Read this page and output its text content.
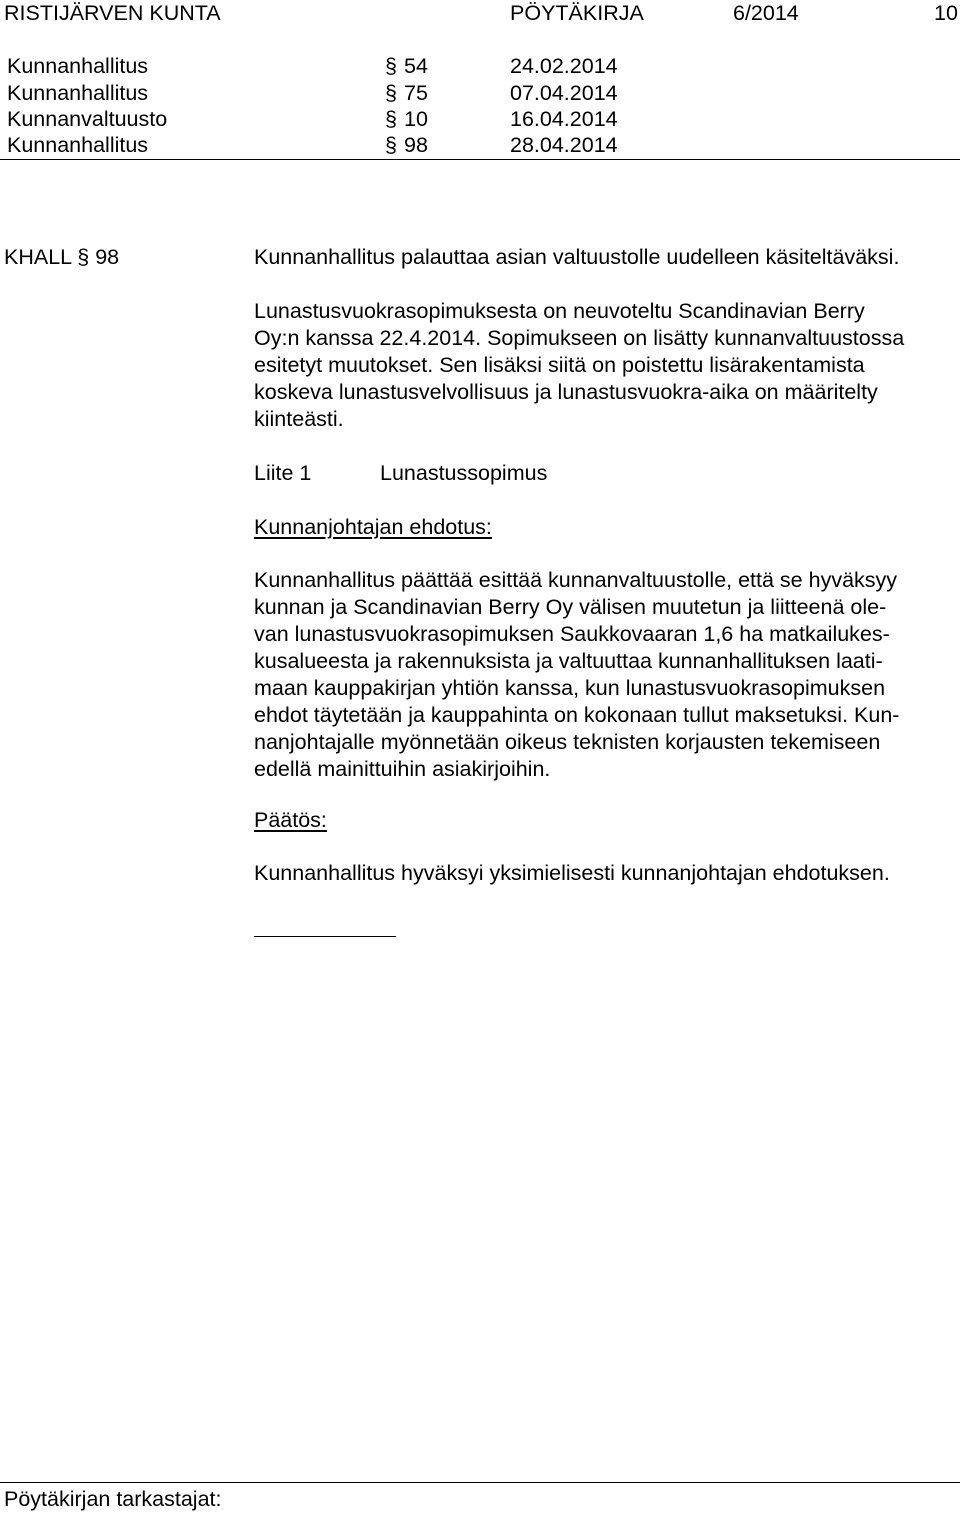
RISTIJÄRVEN KUNTA	PÖYTÄKIRJA	6/2014	10
Kunnanhallitus	§ 54	24.02.2014
Kunnanhallitus	§ 75	07.04.2014
Kunnanvaltuusto	§ 10	16.04.2014
Kunnanhallitus	§ 98	28.04.2014
KHALL § 98	Kunnanhallitus palauttaa asian valtuustolle uudelleen käsiteltäväksi.
Lunastusvuokrasopimuksesta on neuvoteltu Scandinavian Berry
Oy:n kanssa 22.4.2014. Sopimukseen on lisätty kunnanvaltuustossa
esitetyt muutokset. Sen lisäksi siitä on poistettu lisärakentamista
koskeva lunastusvelvollisuus ja lunastusvuokra-aika on määritelty
kiinteästi.
Liite 1	Lunastussopimus
Kunnanjohtajan ehdotus:
Kunnanhallitus päättää esittää kunnanvaltuustolle, että se hyväksyy
kunnan ja Scandinavian Berry Oy välisen muutetun ja liitteenä ole-
van lunastusvuokrasopimuksen Saukkovaaran 1,6 ha matkailukes-
kusalueesta ja rakennuksista ja valtuuttaa kunnanhallituksen laati-
maan kauppakirjan yhtiön kanssa, kun lunastusvuokrasopimuksen
ehdot täytetään ja kauppahinta on kokonaan tullut maksetuksi. Kun-
nanjohtajalle myönnetään oikeus teknisten korjausten tekemiseen
edellä mainittuihin asiakirjoihin.
Päätös:
Kunnanhallitus hyväksyi yksimielisesti kunnanjohtajan ehdotuksen.
Pöytäkirjan tarkastajat:
